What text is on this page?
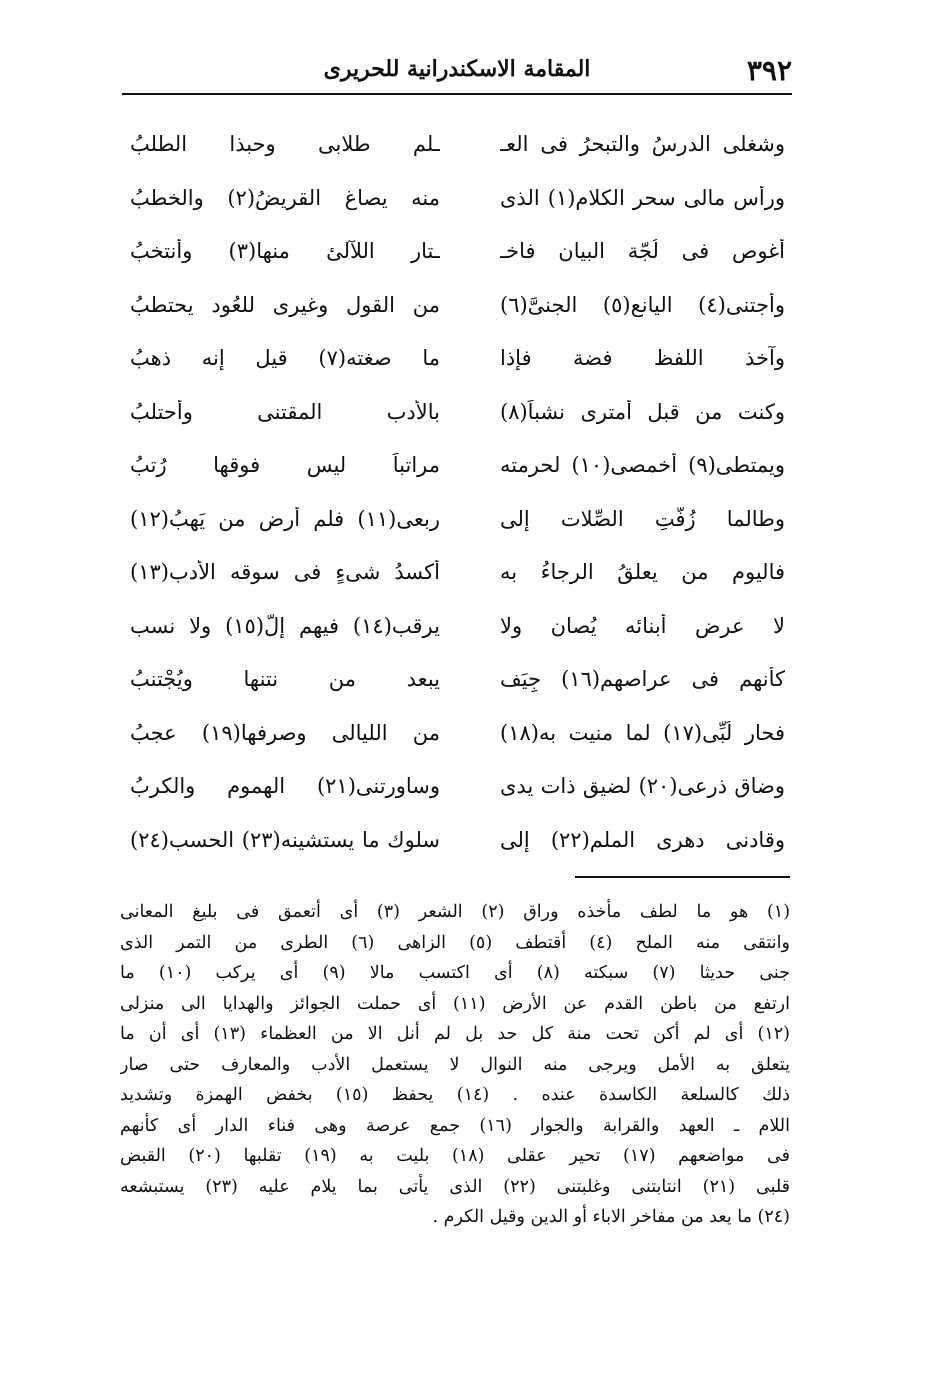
٣٩٢
المقامة الاسكندرانية للحريرى
وشغلى الدرسُ والتبحرُ فى العـ
ـلم طلابى وحبذا الطلبُ
ورأس مالى سحر الكلام(١) الذى
منه يصاغ القريضُ(٢) والخطبُ
أغوص فى لُجّة البيان فاخـ
ـتار اللآلئ منها(٣) وأنتخبُ
وأجتنى(٤) اليانع(٥) الجنىَّ(٦)
من القول وغيرى للعُود يحتطبُ
وآخذ اللفظ فضة فإذا
ما صغته(٧) قيل إنه ذهبُ
وكنت من قبل أمترى نشباً(٨)
بالأدب المقتنى وأحتلبُ
ويمتطى(٩) أخمصى(١٠) لحرمته
مراتباً ليس فوقها رُتبُ
وطالما زُفّتِ الصِّلات إلى
ربعى(١١) فلم أرض من يَهبُ(١٢)
فاليوم من يعلقُ الرجاءُ به
أكسدُ شىءٍ فى سوقه الأدب(١٣)
لا عرض أبنائه يُصان ولا
يرقب(١٤) فيهم إلٌّ(١٥) ولا نسب
كأنهم فى عراصهم(١٦) جِيَف
يبعد من نتنها ويُجْتنبُ
فحار لُبِّى(١٧) لما منيت به(١٨)
من الليالى وصرفها(١٩) عجبُ
وضاق ذرعى(٢٠) لضيق ذات يدى
وساورتنى(٢١) الهموم والكربُ
وقادنى دهرى الملم(٢٢) إلى
سلوك ما يستشينه(٢٣) الحسب(٢٤)
(١) هو ما لطف مأخذه وراق (٢) الشعر (٣) أى أتعمق فى بليغ المعانى
وانتقى منه الملح (٤) أقتطف (٥) الزاهى (٦) الطرى من التمر الذى
جنى حديثا (٧) سبكته (٨) أى اكتسب مالا (٩) أى يركب (١٠) ما
ارتفع من باطن القدم عن الأرض (١١) أى حملت الجوائز والهدايا الى منزلى
(١٢) أى لم أكن تحت منة كل حد بل لم أنل الا من العظماء (١٣) أى أن ما
يتعلق به الأمل ويرجى منه النوال لا يستعمل الأدب والمعارف حتى صار
ذلك كالسلعة الكاسدة عنده . (١٤) يحفظ (١٥) بخفض الهمزة وتشديد
اللام ـ العهد والقرابة والجوار (١٦) جمع عرصة وهى فناء الدار أى كأنهم
فى مواضعهم (١٧) تحير عقلى (١٨) بليت به (١٩) تقلبها (٢٠) القبض
قلبى (٢١) انتابتنى وغلبتنى (٢٢) الذى يأتى بما يلام عليه (٢٣) يستبشعه
(٢٤) ما يعد من مفاخر الاباء أو الدين وقيل الكرم .
